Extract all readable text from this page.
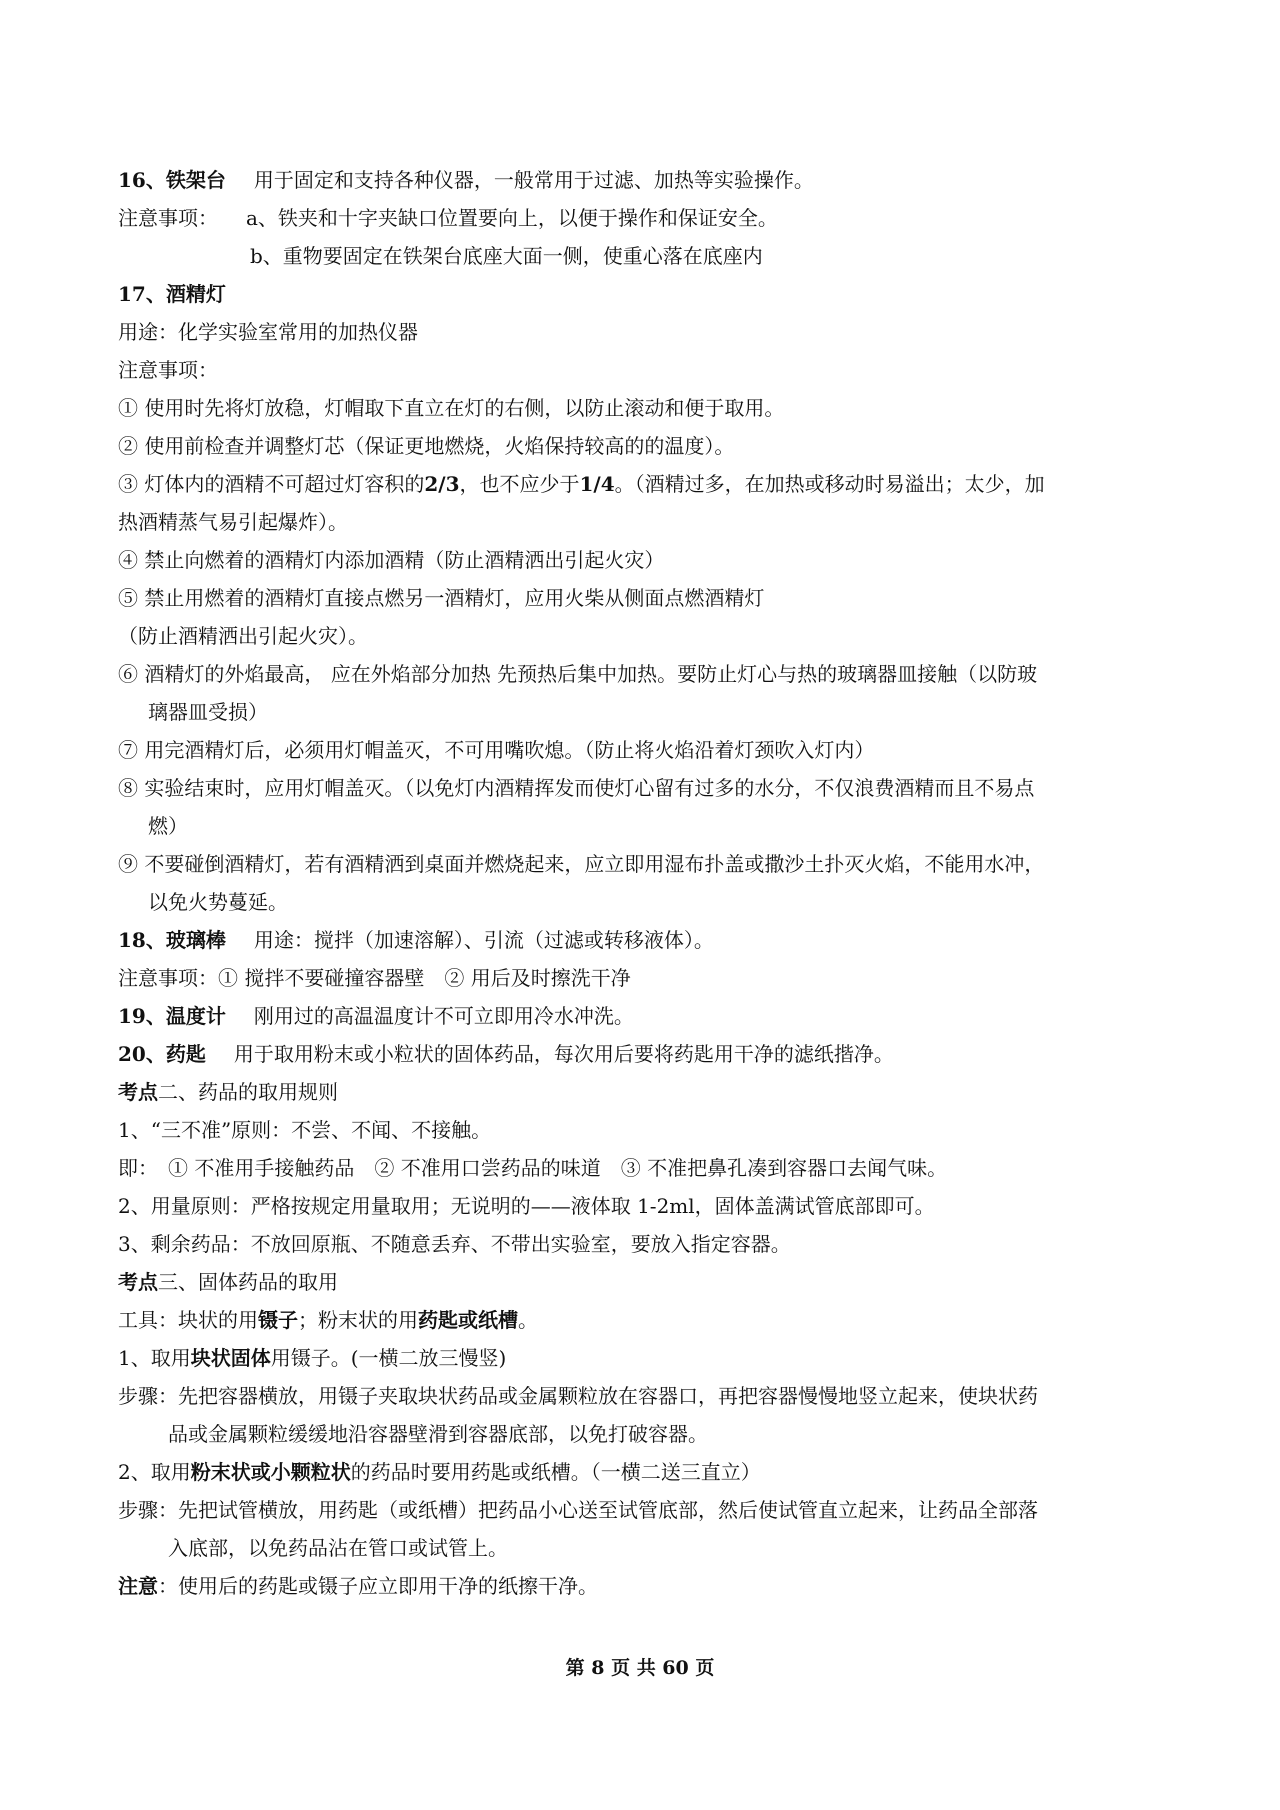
16、铁架台 用于固定和支持各种仪器，一般常用于过滤、加热等实验操作。
注意事项： a、铁夹和十字夹缺口位置要向上，以便于操作和保证安全。
b、重物要固定在铁架台底座大面一侧，使重心落在底座内
17、酒精灯
用途：化学实验室常用的加热仪器
注意事项：
① 使用时先将灯放稳，灯帽取下直立在灯的右侧，以防止滚动和便于取用。
② 使用前检查并调整灯芯（保证更地燃烧，火焰保持较高的的温度）。
③ 灯体内的酒精不可超过灯容积的2/3，也不应少于1/4。（酒精过多，在加热或移动时易溢出；太少，加
热酒精蒸气易引起爆炸）。
④ 禁止向燃着的酒精灯内添加酒精（防止酒精洒出引起火灾）
⑤ 禁止用燃着的酒精灯直接点燃另一酒精灯，应用火柴从侧面点燃酒精灯
（防止酒精洒出引起火灾）。
⑥ 酒精灯的外焰最高， 应在外焰部分加热 先预热后集中加热。要防止灯心与热的玻璃器皿接触（以防玻
璃器皿受损）
⑦ 用完酒精灯后，必须用灯帽盖灭，不可用嘴吹熄。（防止将火焰沿着灯颈吹入灯内）
⑧ 实验结束时，应用灯帽盖灭。（以免灯内酒精挥发而使灯心留有过多的水分，不仅浪费酒精而且不易点
燃）
⑨ 不要碰倒酒精灯，若有酒精洒到桌面并燃烧起来，应立即用湿布扑盖或撒沙土扑灭火焰，不能用水冲，
以免火势蔓延。
18、玻璃棒 用途：搅拌（加速溶解）、引流（过滤或转移液体）。
注意事项：① 搅拌不要碰撞容器壁　② 用后及时擦洗干净
19、温度计 刚用过的高温温度计不可立即用冷水冲洗。
20、药匙 用于取用粉末或小粒状的固体药品，每次用后要将药匙用干净的滤纸揩净。
考点二、药品的取用规则
1、“三不准”原则：不尝、不闻、不接触。
即：　① 不准用手接触药品　② 不准用口尝药品的味道　③ 不准把鼻孔凑到容器口去闻气味。
2、用量原则：严格按规定用量取用；无说明的——液体取 1-2ml，固体盖满试管底部即可。
3、剩余药品：不放回原瓶、不随意丢弃、不带出实验室，要放入指定容器。
考点三、固体药品的取用
工具：块状的用镊子；粉末状的用药匙或纸槽。
1、取用块状固体用镊子。(一横二放三慢竖)
步骤：先把容器横放，用镊子夹取块状药品或金属颗粒放在容器口，再把容器慢慢地竖立起来，使块状药
品或金属颗粒缓缓地沿容器壁滑到容器底部，以免打破容器。
2、取用粉末状或小颗粒状的药品时要用药匙或纸槽。（一横二送三直立）
步骤：先把试管横放，用药匙（或纸槽）把药品小心送至试管底部，然后使试管直立起来，让药品全部落
入底部，以免药品沾在管口或试管上。
注意：使用后的药匙或镊子应立即用干净的纸擦干净。
第 8 页 共 60 页
